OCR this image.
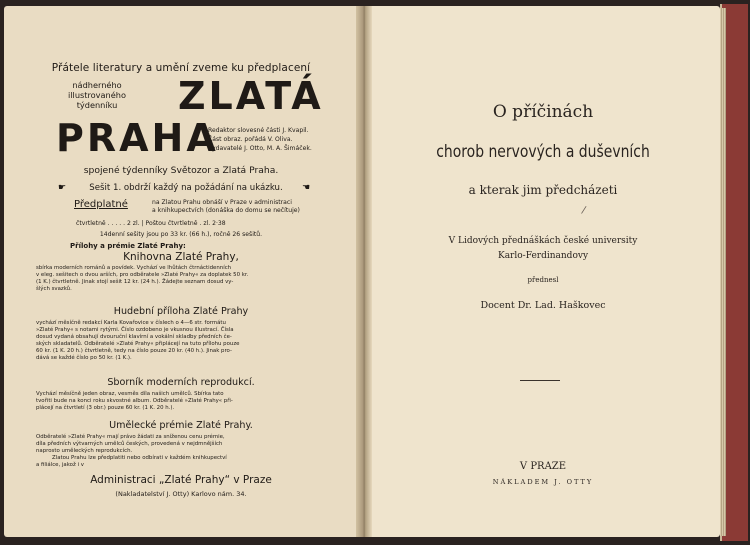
Přátele literatury a umění zveme ku předplacení
nádherného
illustrovaného
týdenníku	ZLATÁ
PRAHA
Redaktor slovesné části J. Kvapil.
Část obraz. pořádá V. Oliva.
Vydavatelé J. Otto, M. A. Šimáček.
spojené týdenníky Světozor a Zlatá Praha.
☛	Sešit 1. obdrží každý na požádání na ukázku.	☛
Předplatné	na Zlatou Prahu obnáší v Praze v administraci
a knihkupectvích (donáška do domu se nečítuje)
čtvrtletně . . . . . 2 zl. | Poštou čtvrtletně . zl. 2·38
14denní sešity jsou po 33 kr. (66 h.), ročně 26 sešitů.
Přílohy a prémie Zlaté Prahy:
Knihovna Zlaté Prahy,
sbírka moderních románů a povídek. Vychází ve lhůtách čtrnáctidenních
v eleg. sešitech o dvou arších, pro odběratele »Zlaté Prahy« za doplatek 50 kr.
(1 K.) čtvrtletně. Jinak stojí sešit 12 kr. (24 h.). Žádejte seznam dosud vy-
šlých svazků.
Hudební příloha Zlaté Prahy
vychází měsíčně redakcí Karla Kovařovice v číslech o 4—6 str. formátu
»Zlaté Prahy« s notami rytými. Číslo ozdobeno je vkusnou illustrací. Čísla
dosud vydaná obsahují dvouruční klavírní a vokální skladby předních če-
ských skladatelů. Odběratelé »Zlaté Prahy« připlácejí na tuto přílohu pouze
60 kr. (1 K. 20 h.) čtvrtletně, tedy na číslo pouze 20 kr. (40 h.). Jinak pro-
dává se každé číslo po 50 kr. (1 K.).
Sborník moderních reprodukcí.
Vychází měsíčně jeden obraz, vesměs díla našich umělců. Sbírka tato
tvořiti bude na konci roku skvostné album. Odběratelé »Zlaté Prahy« při-
plácejí na čtvrtletí (3 obr.) pouze 60 kr. (1 K. 20 h.).
Umělecké prémie Zlaté Prahy.
Odběratelé »Zlaté Prahy« mají právo žádati za sníženou cenu prémie,
díla předních výtvarných umělců českých, provedená v nejdmnějších
naprosto uměleckých reprodukcích.
Zlatou Prahu lze předplatiti nebo odbírati v každém knihkupectví
a filiálce, jakož i v
Administraci „Zlaté Prahy“ v Praze
(Nakladatelství J. Otty) Karlovo nám. 34.
O příčinách
chorob nervových a duševních
a kterak jim předcházeti
/
V Lidových přednáškách české university
Karlo-Ferdinandovy
přednesl
Docent Dr. Lad. Haškovec
V PRAZE
NÁKLADEM J. OTTY
